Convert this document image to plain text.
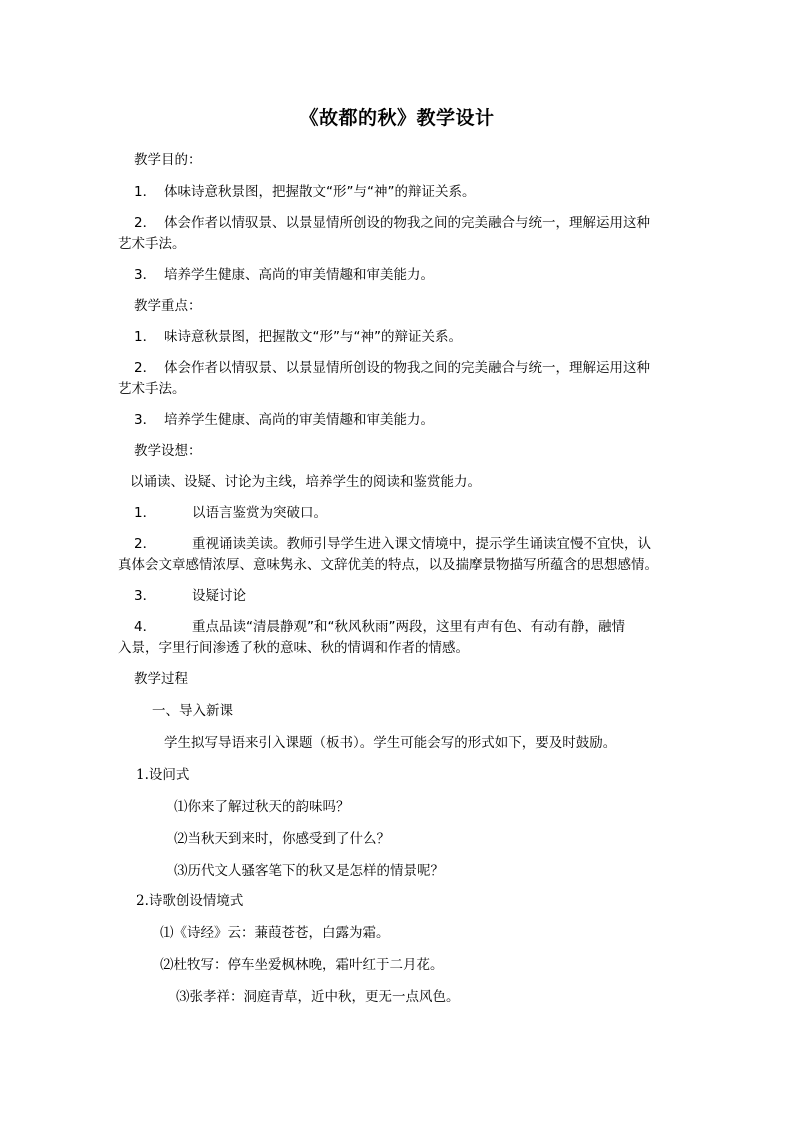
《故都的秋》教学设计
教学目的：
1． 体味诗意秋景图，把握散文“形”与“神”的辩证关系。
2． 体会作者以情驭景、以景显情所创设的物我之间的完美融合与统一，理解运用这种
艺术手法。
3． 培养学生健康、高尚的审美情趣和审美能力。
教学重点：
1． 味诗意秋景图，把握散文“形”与“神”的辩证关系。
2． 体会作者以情驭景、以景显情所创设的物我之间的完美融合与统一，理解运用这种
艺术手法。
3． 培养学生健康、高尚的审美情趣和审美能力。
教学设想：
以诵读、设疑、讨论为主线，培养学生的阅读和鉴赏能力。
1．	以语言鉴赏为突破口。
2．	重视诵读美读。教师引导学生进入课文情境中，提示学生诵读宜慢不宜快，认
真体会文章感情浓厚、意味隽永、文辞优美的特点，以及揣摩景物描写所蕴含的思想感情。
3．	设疑讨论
4．	重点品读“清晨静观”和“秋风秋雨”两段，这里有声有色、有动有静，融情
入景，字里行间渗透了秋的意味、秋的情调和作者的情感。
教学过程
一、导入新课
学生拟写导语来引入课题（板书）。学生可能会写的形式如下，要及时鼓励。
1.设问式
⑴你来了解过秋天的韵味吗？
⑵当秋天到来时，你感受到了什么？
⑶历代文人骚客笔下的秋又是怎样的情景呢？
2.诗歌创设情境式
⑴《诗经》云：蒹葭苍苍，白露为霜。
⑵杜牧写：停车坐爱枫林晚，霜叶红于二月花。
⑶张孝祥：洞庭青草，近中秋，更无一点风色。
